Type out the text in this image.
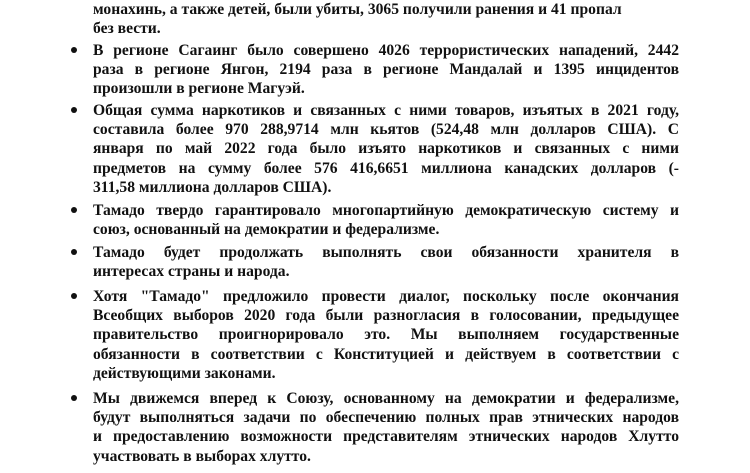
монахинь, а также детей, были убиты, 3065 получили ранения и 41 пропал
без вести.
В регионе Сагаинг было совершено 4026 террористических нападений, 2442
раза в регионе Янгон, 2194 раза в регионе Мандалай и 1395 инцидентов
произошли в регионе Магуэй.
Общая сумма наркотиков и связанных с ними товаров, изъятых в 2021 году,
составила более 970 288,9714 млн кьятов (524,48 млн долларов США). С
января по май 2022 года было изъято наркотиков и связанных с ними
предметов на сумму более 576 416,6651 миллиона канадских долларов (-
311,58 миллиона долларов США).
Тамадо твердо гарантировало многопартийную демократическую систему и
союз, основанный на демократии и федерализме.
Тамадо будет продолжать выполнять свои обязанности хранителя в
интересах страны и народа.
Хотя "Тамадо" предложило провести диалог, поскольку после окончания
Всеобщих выборов 2020 года были разногласия в голосовании, предыдущее
правительство проигнорировало это. Мы выполняем государственные
обязанности в соответствии с Конституцией и действуем в соответствии с
действующими законами.
Мы движемся вперед к Союзу, основанному на демократии и федерализме,
будут выполняться задачи по обеспечению полных прав этнических народов
и предоставлению возможности представителям этнических народов Хлутто
участвовать в выборах хлутто.
